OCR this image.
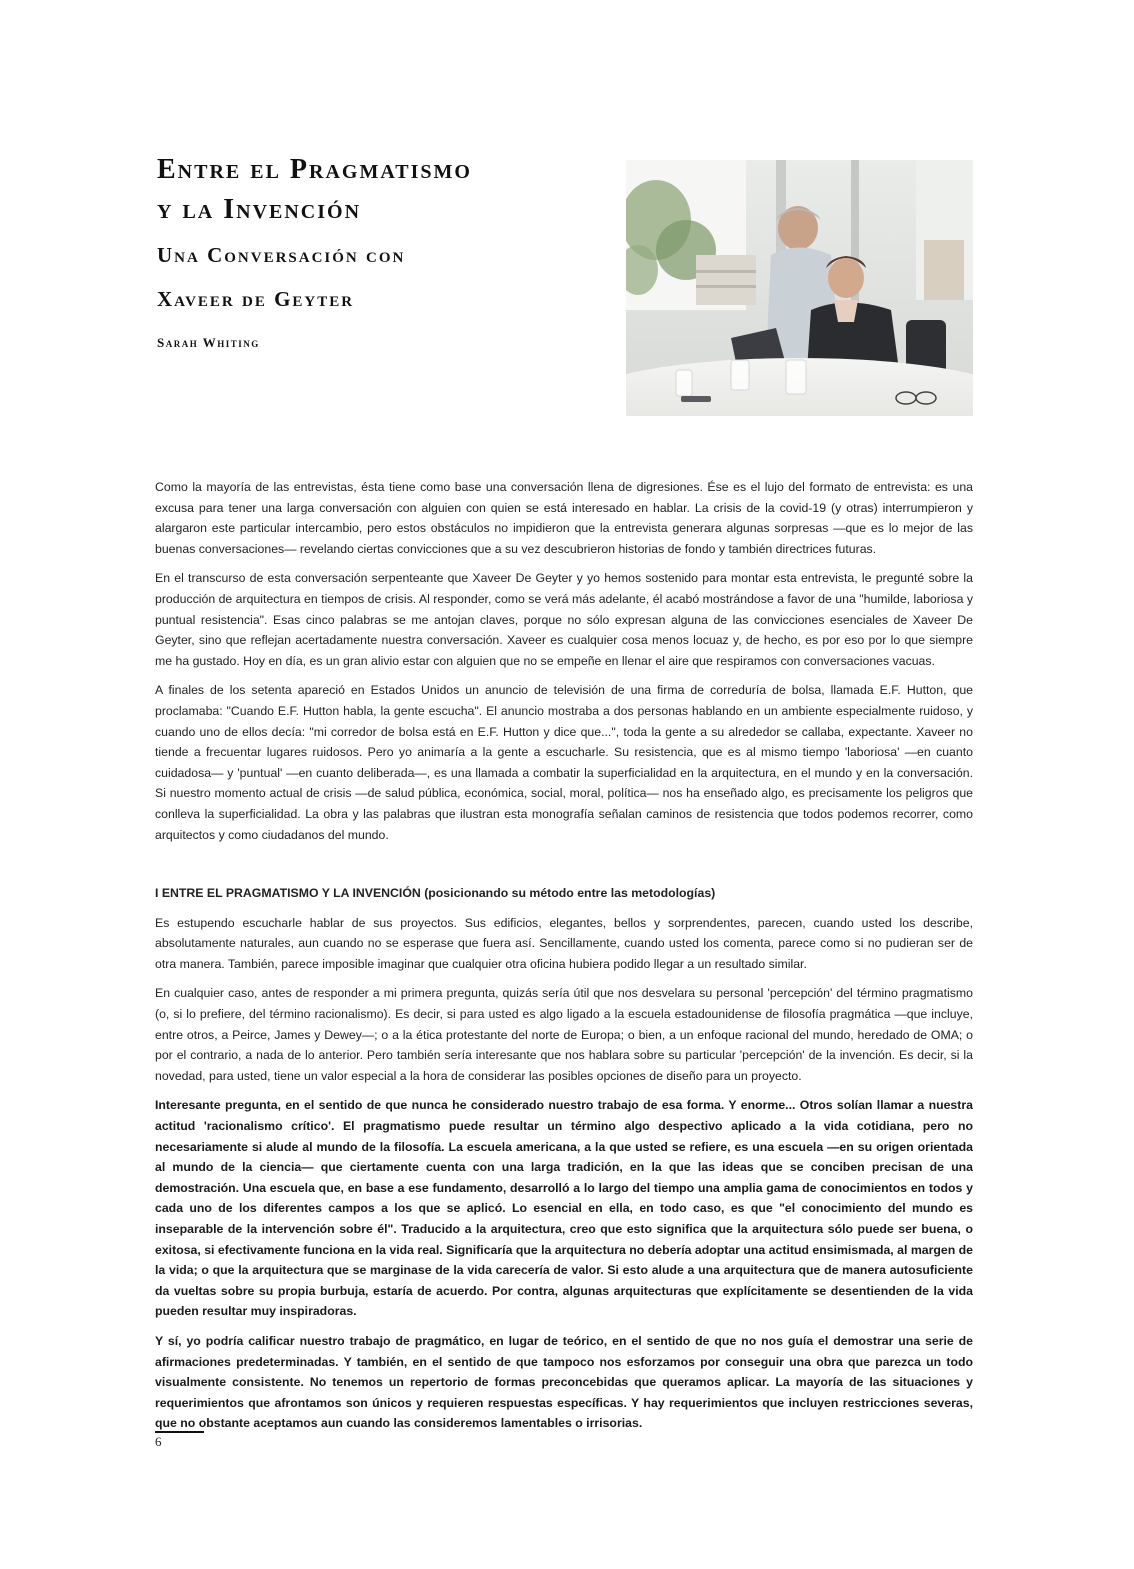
Entre el Pragmatismo
y la Invención
Una Conversación con
Xaveer de Geyter
Sarah Whiting

Como la mayoría de las entrevistas, ésta tiene como base una conversación llena de digresiones. Ése es el lujo del formato de entrevista: es una excusa para tener una larga conversación con alguien con quien se está interesado en hablar. La crisis de la covid-19 (y otras) interrumpieron y alargaron este particular intercambio, pero estos obstáculos no impidieron que la entrevista generara algunas sorpresas —que es lo mejor de las buenas conversaciones— revelando ciertas convicciones que a su vez descubrieron historias de fondo y también directrices futuras.

En el transcurso de esta conversación serpenteante que Xaveer De Geyter y yo hemos sostenido para montar esta entrevista, le pregunté sobre la producción de arquitectura en tiempos de crisis. Al responder, como se verá más adelante, él acabó mostrándose a favor de una "humilde, laboriosa y puntual resistencia". Esas cinco palabras se me antojan claves, porque no sólo expresan alguna de las convicciones esenciales de Xaveer De Geyter, sino que reflejan acertadamente nuestra conversación. Xaveer es cualquier cosa menos locuaz y, de hecho, es por eso por lo que siempre me ha gustado. Hoy en día, es un gran alivio estar con alguien que no se empeñe en llenar el aire que respiramos con conversaciones vacuas.

A finales de los setenta apareció en Estados Unidos un anuncio de televisión de una firma de correduría de bolsa, llamada E.F. Hutton, que proclamaba: "Cuando E.F. Hutton habla, la gente escucha". El anuncio mostraba a dos personas hablando en un ambiente especialmente ruidoso, y cuando uno de ellos decía: "mi corredor de bolsa está en E.F. Hutton y dice que...", toda la gente a su alrededor se callaba, expectante. Xaveer no tiende a frecuentar lugares ruidosos. Pero yo animaría a la gente a escucharle. Su resistencia, que es al mismo tiempo 'laboriosa' —en cuanto cuidadosa— y 'puntual' —en cuanto deliberada—, es una llamada a combatir la superficialidad en la arquitectura, en el mundo y en la conversación. Si nuestro momento actual de crisis —de salud pública, económica, social, moral, política— nos ha enseñado algo, es precisamente los peligros que conlleva la superficialidad. La obra y las palabras que ilustran esta monografía señalan caminos de resistencia que todos podemos recorrer, como arquitectos y como ciudadanos del mundo.

I ENTRE EL PRAGMATISMO Y LA INVENCIÓN (posicionando su método entre las metodologías)

Es estupendo escucharle hablar de sus proyectos. Sus edificios, elegantes, bellos y sorprendentes, parecen, cuando usted los describe, absolutamente naturales, aun cuando no se esperase que fuera así. Sencillamente, cuando usted los comenta, parece como si no pudieran ser de otra manera. También, parece imposible imaginar que cualquier otra oficina hubiera podido llegar a un resultado similar.

En cualquier caso, antes de responder a mi primera pregunta, quizás sería útil que nos desvelara su personal 'percepción' del término pragmatismo (o, si lo prefiere, del término racionalismo). Es decir, si para usted es algo ligado a la escuela estadounidense de filosofía pragmática —que incluye, entre otros, a Peirce, James y Dewey—; o a la ética protestante del norte de Europa; o bien, a un enfoque racional del mundo, heredado de OMA; o por el contrario, a nada de lo anterior. Pero también sería interesante que nos hablara sobre su particular 'percepción' de la invención. Es decir, si la novedad, para usted, tiene un valor especial a la hora de considerar las posibles opciones de diseño para un proyecto.

Interesante pregunta, en el sentido de que nunca he considerado nuestro trabajo de esa forma. Y enorme... Otros solían llamar a nuestra actitud 'racionalismo crítico'. El pragmatismo puede resultar un término algo despectivo aplicado a la vida cotidiana, pero no necesariamente si alude al mundo de la filosofía. La escuela americana, a la que usted se refiere, es una escuela —en su origen orientada al mundo de la ciencia— que ciertamente cuenta con una larga tradición, en la que las ideas que se conciben precisan de una demostración. Una escuela que, en base a ese fundamento, desarrolló a lo largo del tiempo una amplia gama de conocimientos en todos y cada uno de los diferentes campos a los que se aplicó. Lo esencial en ella, en todo caso, es que "el conocimiento del mundo es inseparable de la intervención sobre él". Traducido a la arquitectura, creo que esto significa que la arquitectura sólo puede ser buena, o exitosa, si efectivamente funciona en la vida real. Significaría que la arquitectura no debería adoptar una actitud ensimismada, al margen de la vida; o que la arquitectura que se marginase de la vida carecería de valor. Si esto alude a una arquitectura que de manera autosuficiente da vueltas sobre su propia burbuja, estaría de acuerdo. Por contra, algunas arquitecturas que explícitamente se desentienden de la vida pueden resultar muy inspiradoras.

Y sí, yo podría calificar nuestro trabajo de pragmático, en lugar de teórico, en el sentido de que no nos guía el demostrar una serie de afirmaciones predeterminadas. Y también, en el sentido de que tampoco nos esforzamos por conseguir una obra que parezca un todo visualmente consistente. No tenemos un repertorio de formas preconcebidas que queramos aplicar. La mayoría de las situaciones y requerimientos que afrontamos son únicos y requieren respuestas específicas. Y hay requerimientos que incluyen restricciones severas, que no obstante aceptamos aun cuando las consideremos lamentables o irrisorias.

6
